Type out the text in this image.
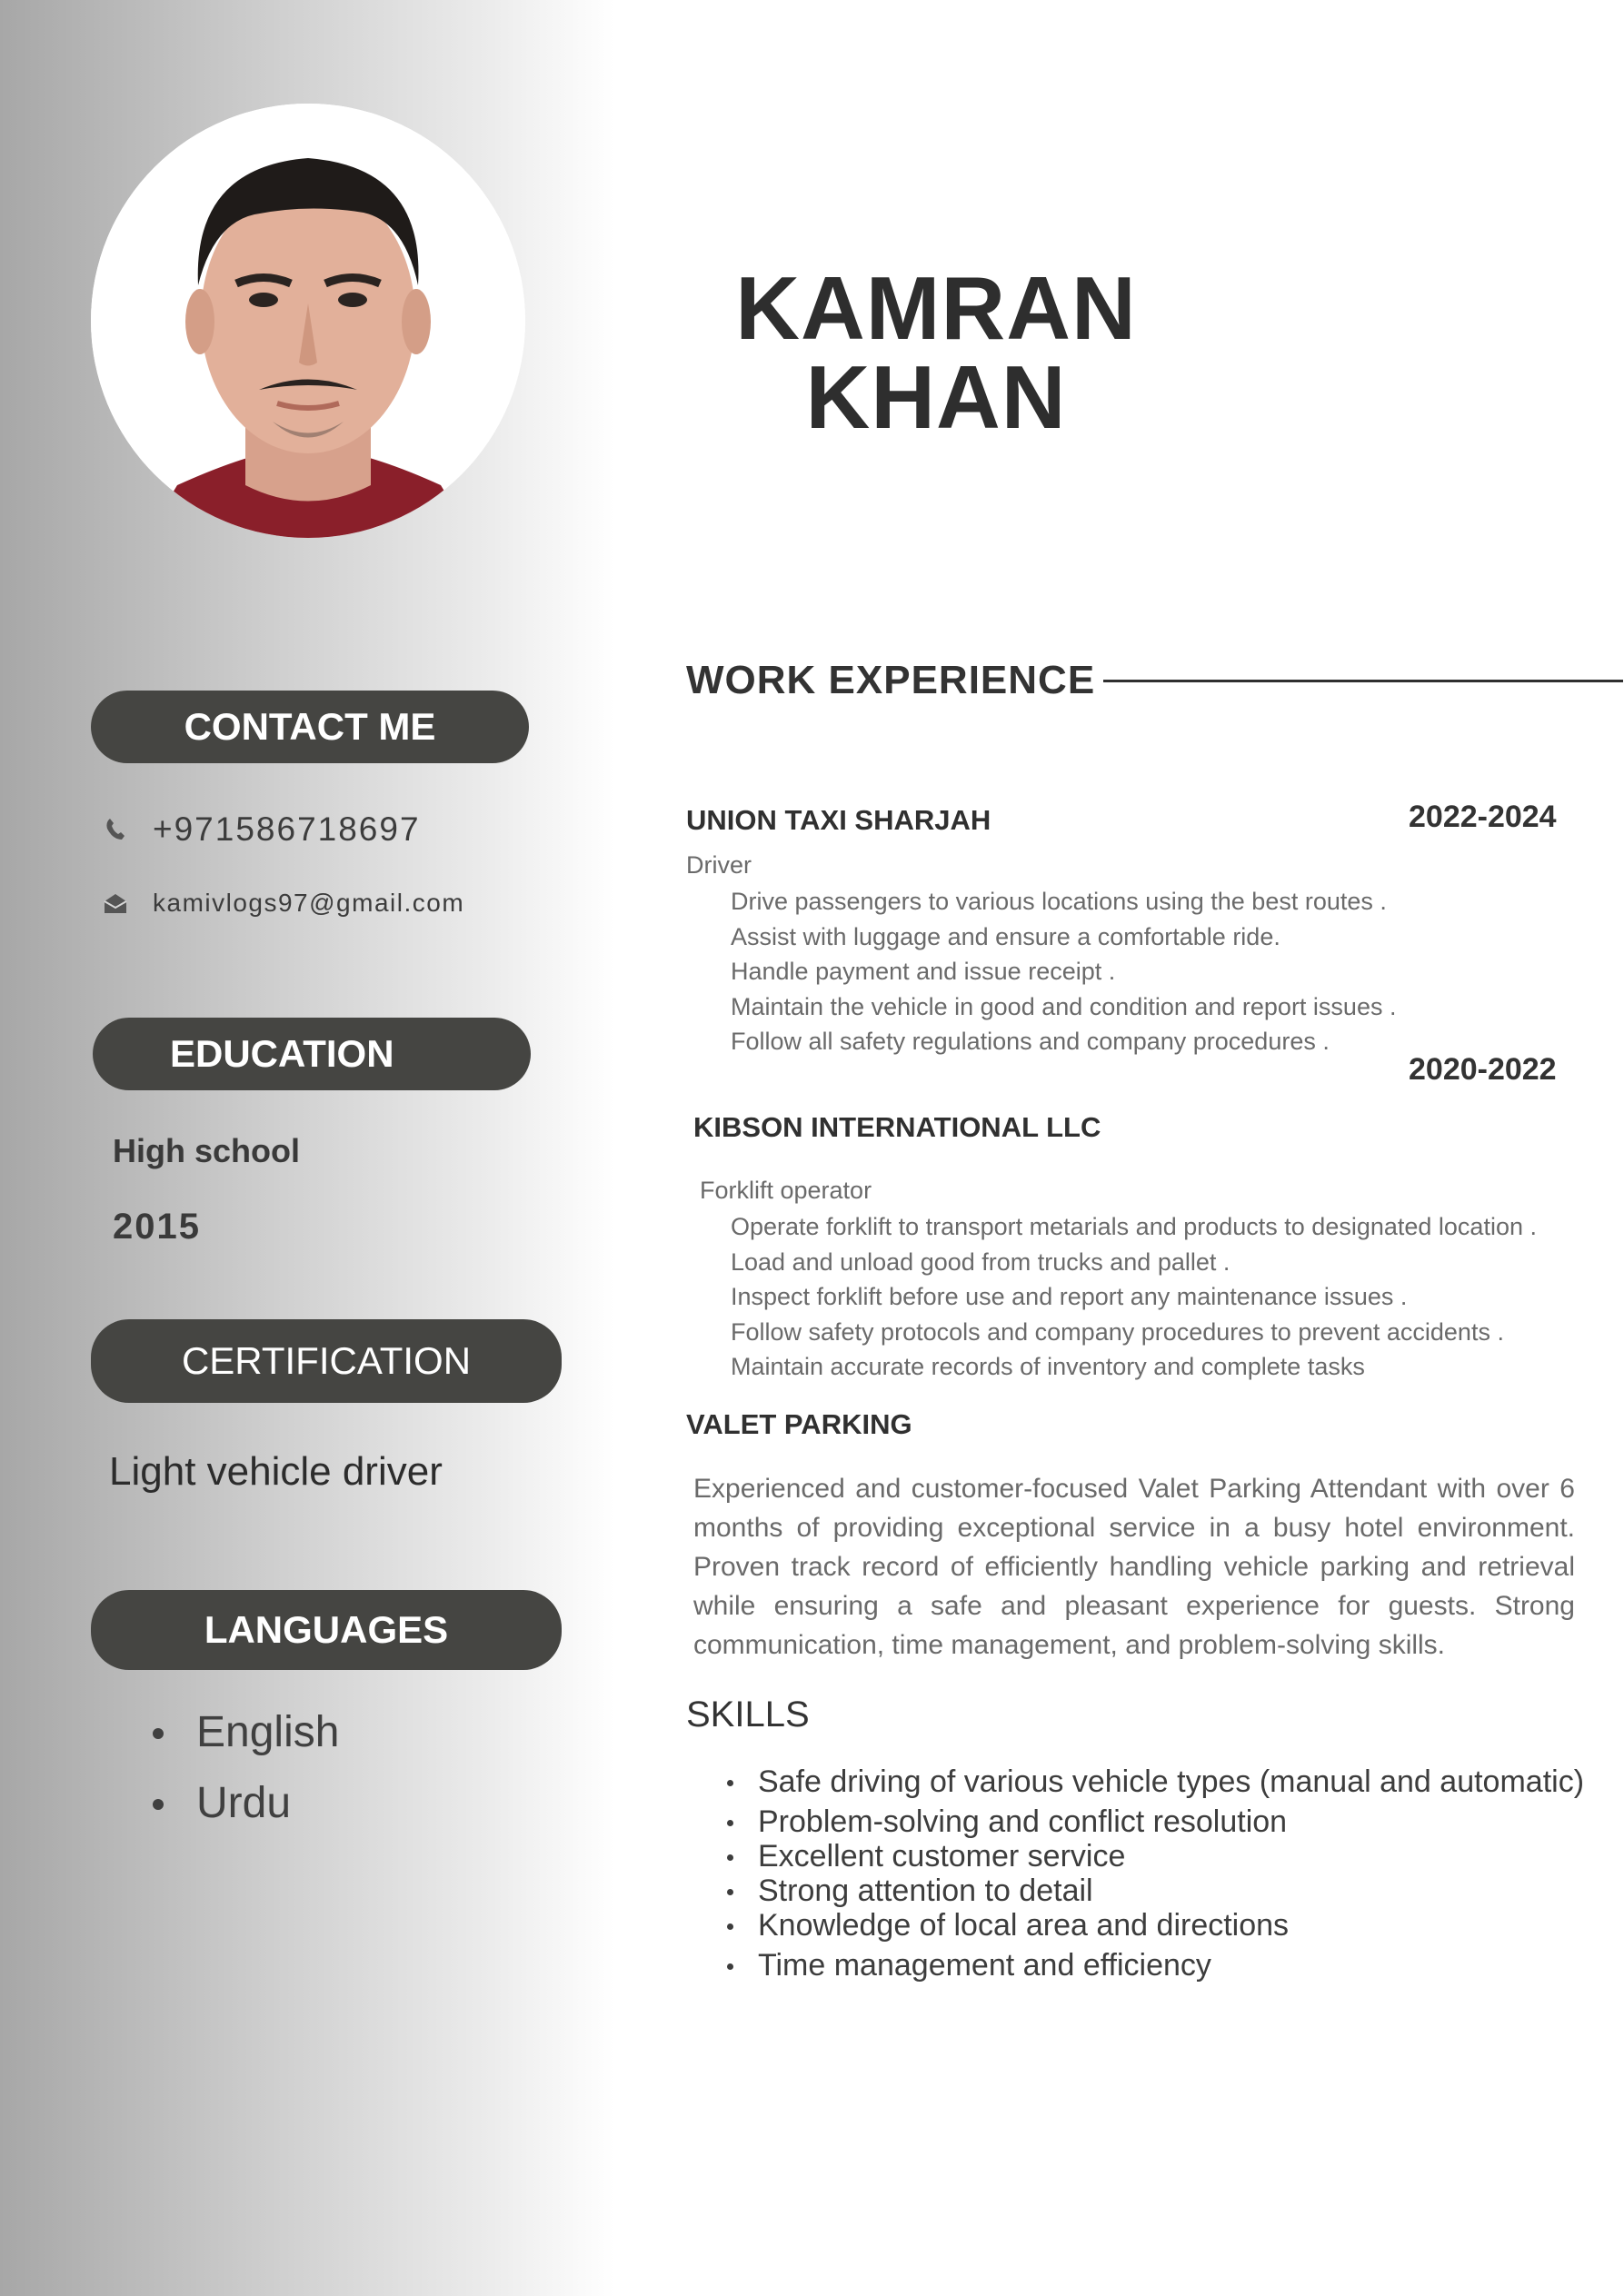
CONTACT ME
+971586718697
kamivlogs97@gmail.com
EDUCATION
High school
2015
CERTIFICATION
Light vehicle driver
LANGUAGES
English
Urdu
KAMRAN
KHAN
WORK EXPERIENCE
UNION TAXI SHARJAH	2022-2024
Driver
Drive passengers to various locations using the best routes .
Assist with luggage and ensure a comfortable ride.
Handle payment and issue receipt .
Maintain the vehicle in good and condition and report issues .
Follow all safety regulations and company procedures .
2020-2022
KIBSON INTERNATIONAL LLC
Forklift operator
Operate forklift to transport metarials and products to designated location .
Load and unload good from trucks and pallet .
Inspect forklift before use and report any maintenance issues .
Follow safety protocols and company procedures to prevent accidents .
Maintain accurate records of inventory and complete tasks
VALET PARKING

Experienced and customer-focused Valet Parking Attendant with over 6 months of providing exceptional service in a busy hotel environment. Proven track record of efficiently handling vehicle parking and retrieval while ensuring a safe and pleasant experience for guests. Strong communication, time management, and problem-solving skills.

SKILLS
Safe driving of various vehicle types (manual and automatic)
Problem-solving and conflict resolution
Excellent customer service
Strong attention to detail
Knowledge of local area and directions
Time management and efficiency
